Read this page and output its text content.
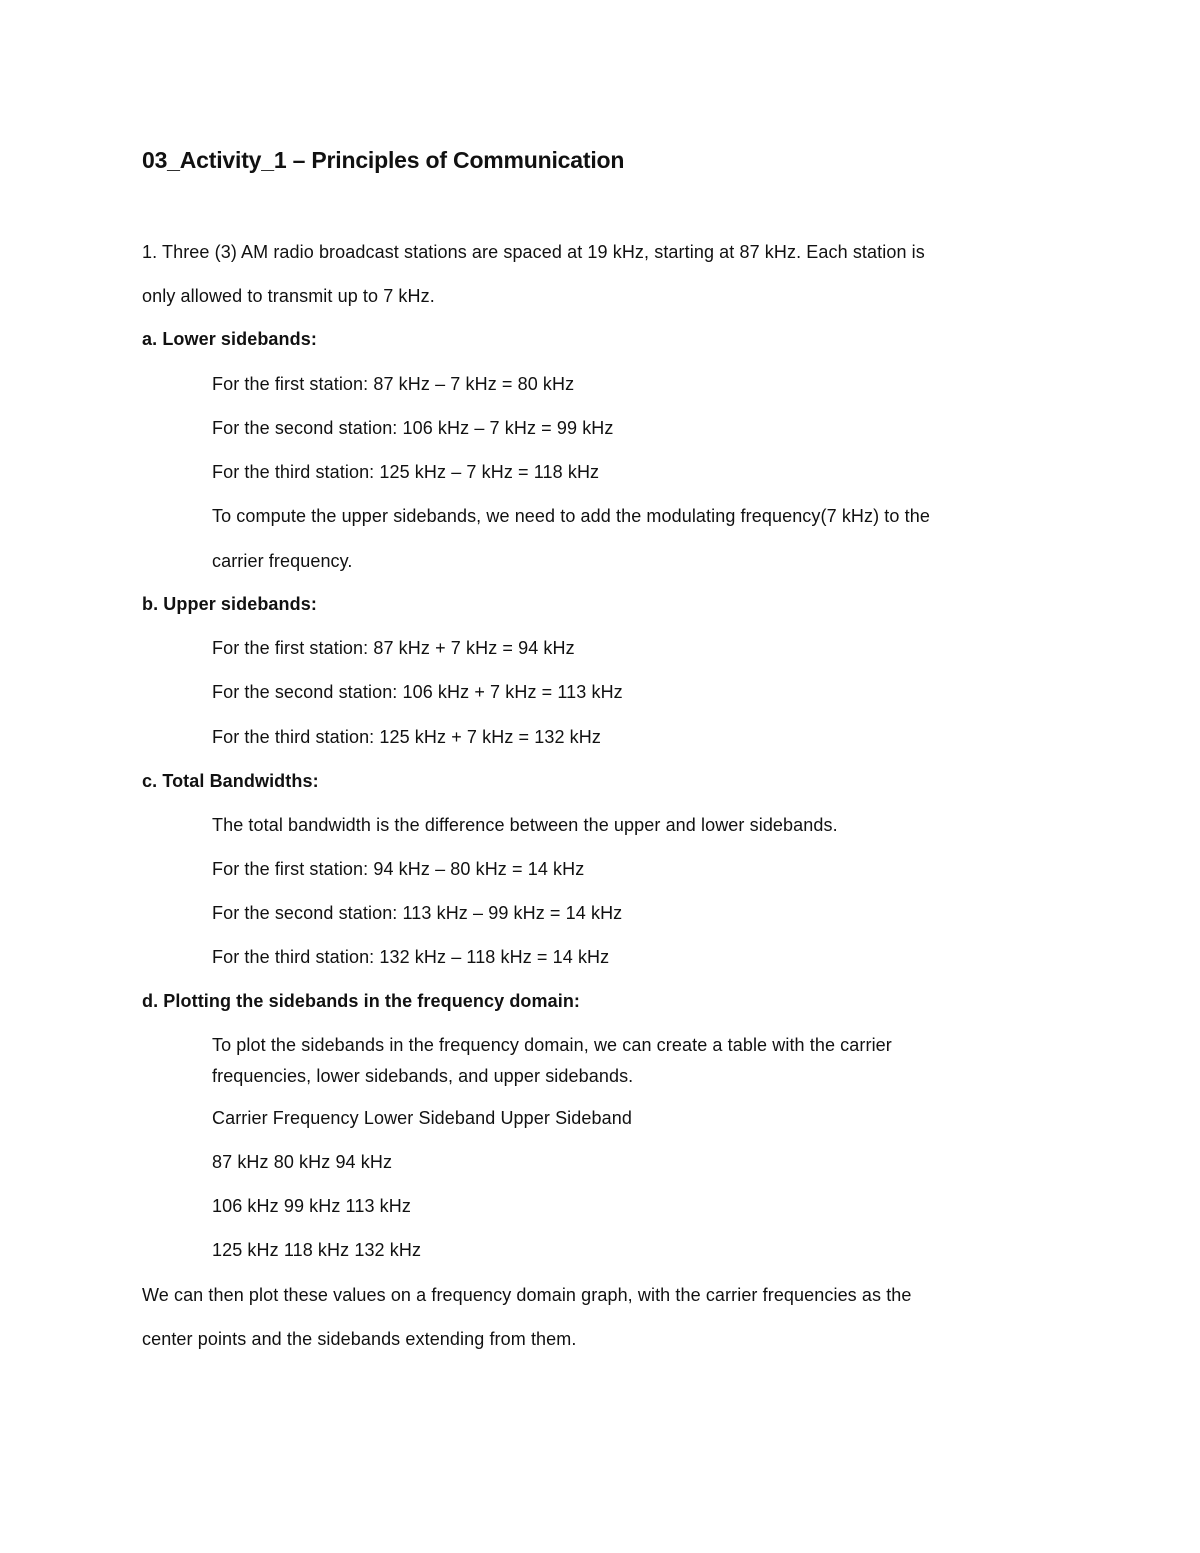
03_Activity_1 – Principles of Communication
1. Three (3) AM radio broadcast stations are spaced at 19 kHz, starting at 87 kHz. Each station is
only allowed to transmit up to 7 kHz.
a. Lower sidebands:
For the first station: 87 kHz – 7 kHz = 80 kHz
For the second station: 106 kHz – 7 kHz = 99 kHz
For the third station: 125 kHz – 7 kHz = 118 kHz
To compute the upper sidebands, we need to add the modulating frequency(7 kHz) to the
carrier frequency.
b. Upper sidebands:
For the first station: 87 kHz + 7 kHz = 94 kHz
For the second station: 106 kHz + 7 kHz = 113 kHz
For the third station: 125 kHz + 7 kHz = 132 kHz
c. Total Bandwidths:
The total bandwidth is the difference between the upper and lower sidebands.
For the first station: 94 kHz – 80 kHz = 14 kHz
For the second station: 113 kHz – 99 kHz = 14 kHz
For the third station: 132 kHz – 118 kHz = 14 kHz
d. Plotting the sidebands in the frequency domain:
To plot the sidebands in the frequency domain, we can create a table with the carrier
frequencies, lower sidebands, and upper sidebands.
Carrier Frequency Lower Sideband Upper Sideband
87 kHz 80 kHz 94 kHz
106 kHz 99 kHz 113 kHz
125 kHz 118 kHz 132 kHz
We can then plot these values on a frequency domain graph, with the carrier frequencies as the
center points and the sidebands extending from them.
